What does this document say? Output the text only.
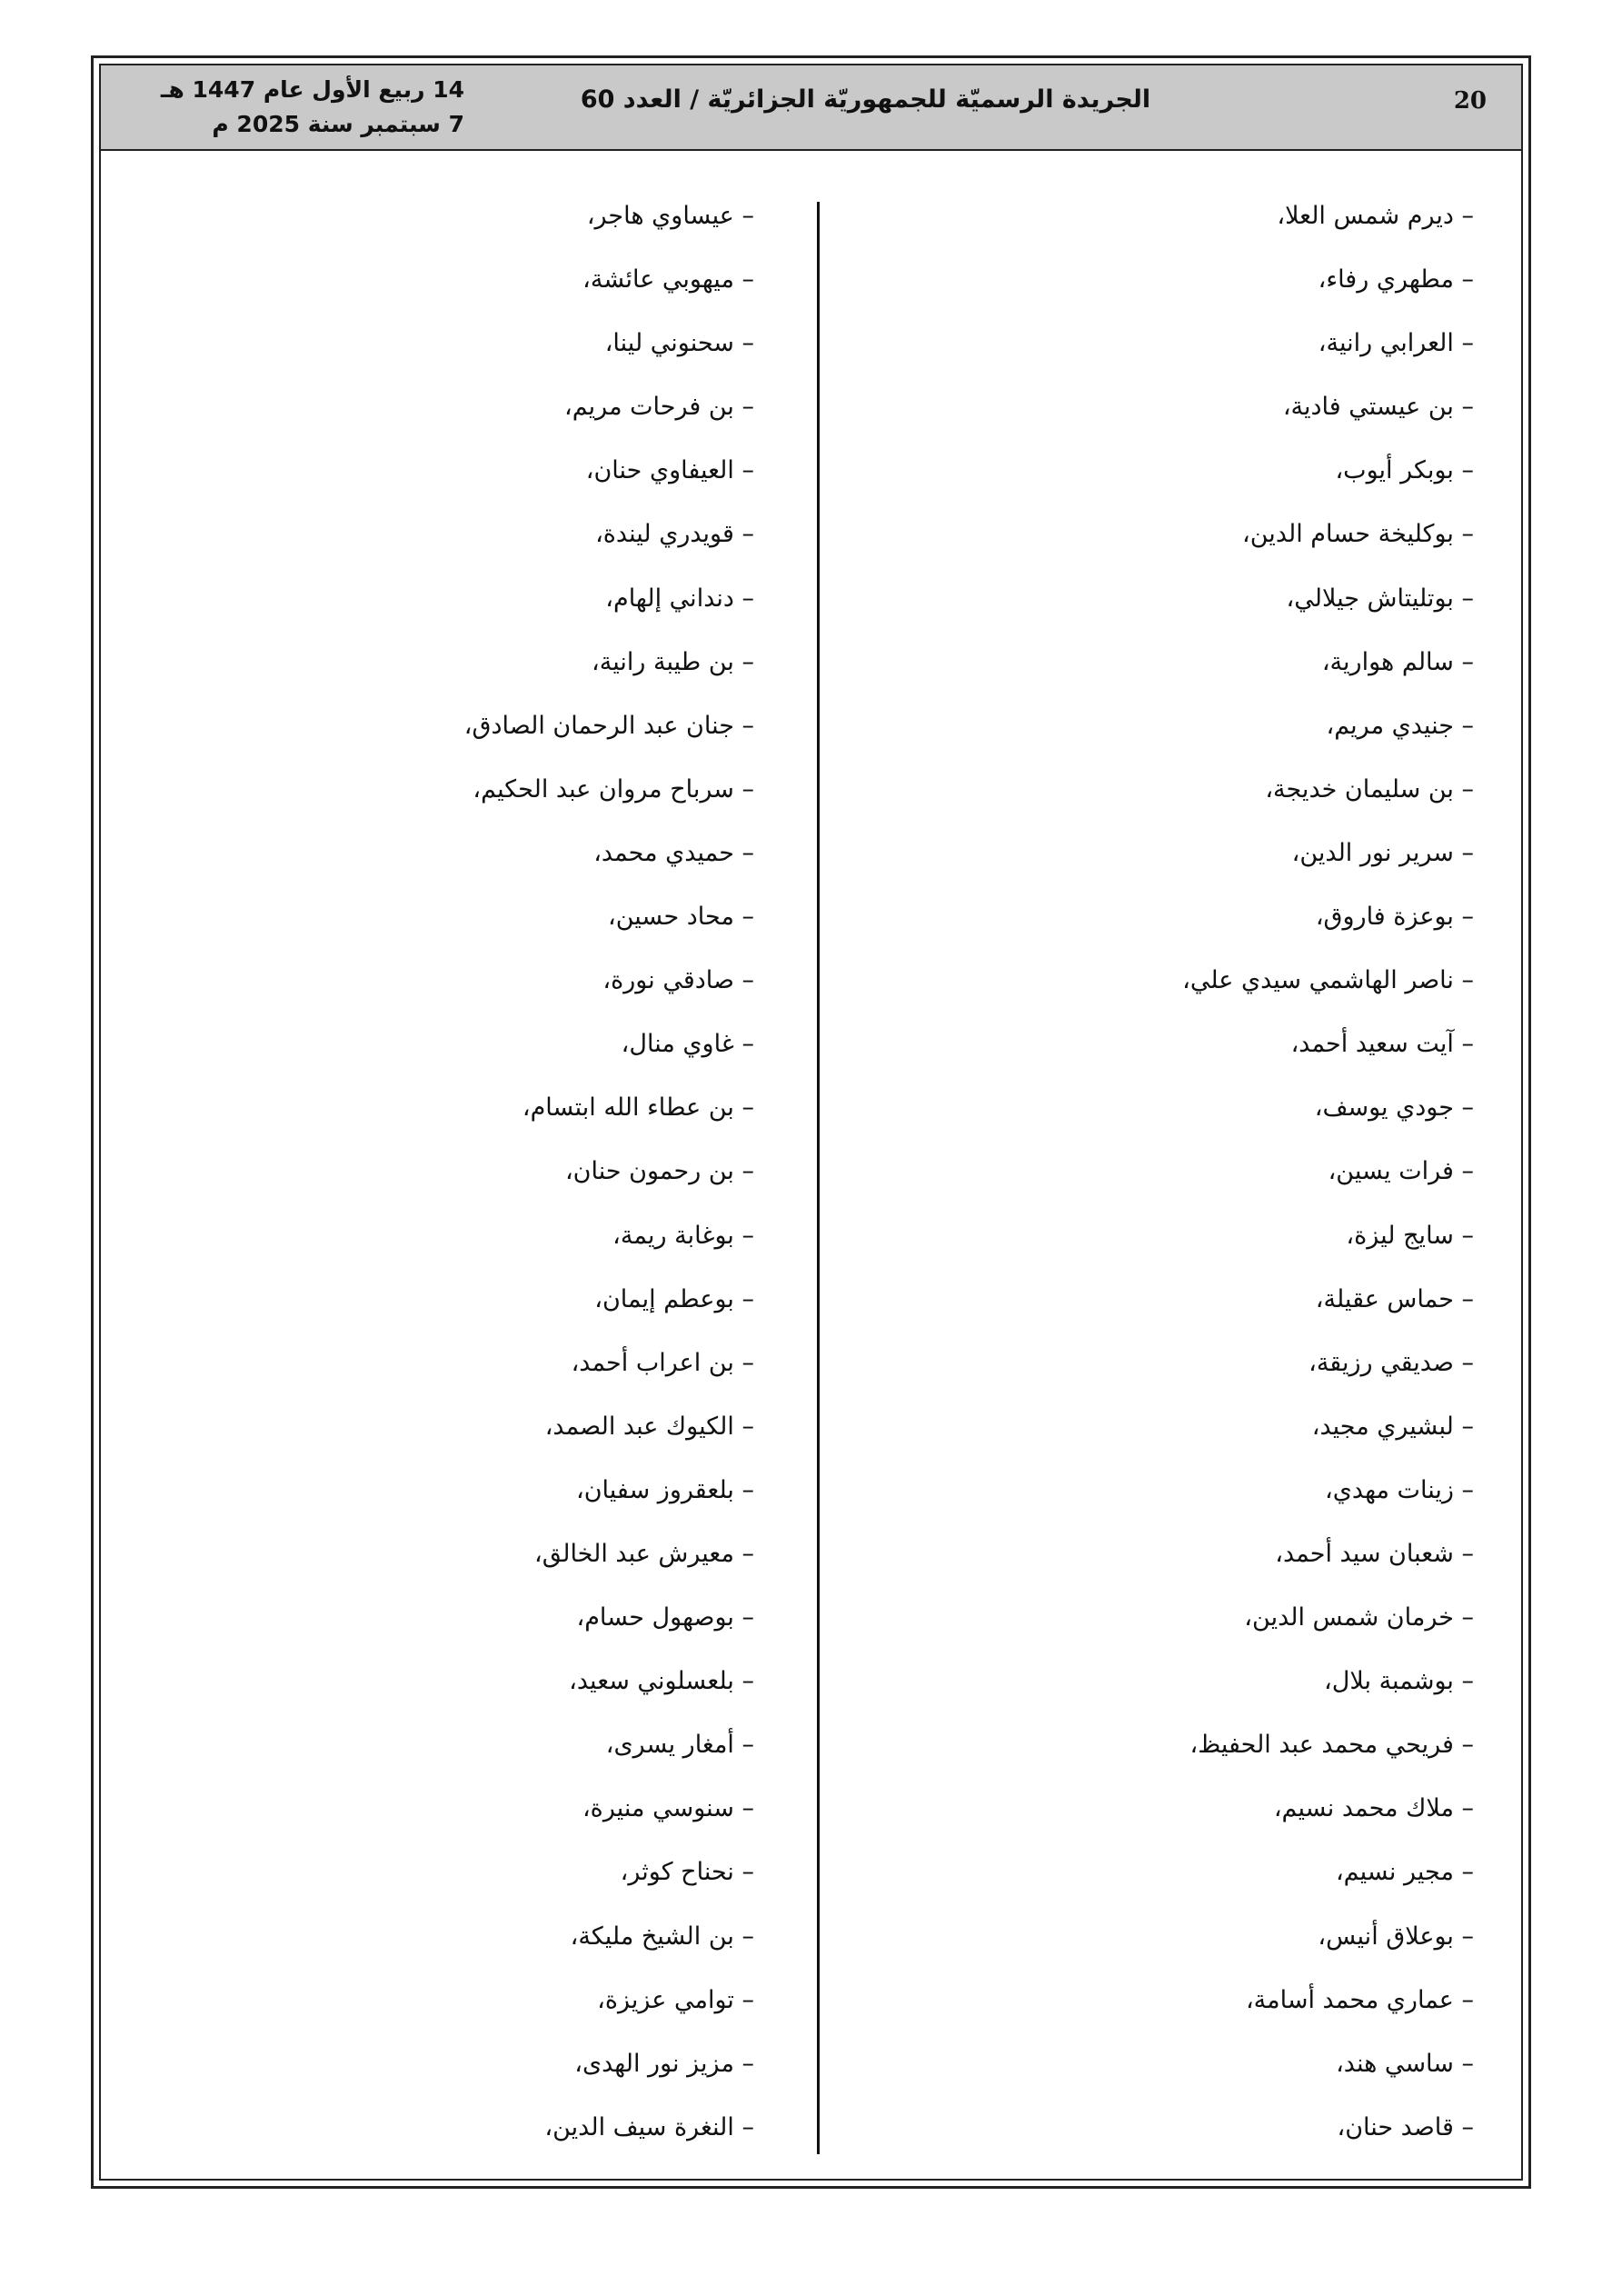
20
الجريدة الرسميّة للجمهوريّة الجزائريّة / العدد 60
14 ربيع الأول عام 1447 هـ
7 سبتمبر سنة 2025 م
– ديرم شمس العلا،
– مطهري رفاء،
– العرابي رانية،
– بن عيستي فادية،
– بوبكر أيوب،
– بوكليخة حسام الدين،
– بوتليتاش جيلالي،
– سالم هوارية،
– جنيدي مريم،
– بن سليمان خديجة،
– سرير نور الدين،
– بوعزة فاروق،
– ناصر الهاشمي سيدي علي،
– آيت سعيد أحمد،
– جودي يوسف،
– فرات يسين،
– سايج ليزة،
– حماس عقيلة،
– صديقي رزيقة،
– لبشيري مجيد،
– زينات مهدي،
– شعبان سيد أحمد،
– خرمان شمس الدين،
– بوشمبة بلال،
– فريحي محمد عبد الحفيظ،
– ملاك محمد نسيم،
– مجير نسيم،
– بوعلاق أنيس،
– عماري محمد أسامة،
– ساسي هند،
– قاصد حنان،
– عيساوي هاجر،
– ميهوبي عائشة،
– سحنوني لينا،
– بن فرحات مريم،
– العيفاوي حنان،
– قويدري ليندة،
– دنداني إلهام،
– بن طيبة رانية،
– جنان عبد الرحمان الصادق،
– سرباح مروان عبد الحكيم،
– حميدي محمد،
– محاد حسين،
– صادقي نورة،
– غاوي منال،
– بن عطاء الله ابتسام،
– بن رحمون حنان،
– بوغابة ريمة،
– بوعطم إيمان،
– بن اعراب أحمد،
– الكيوك عبد الصمد،
– بلعقروز سفيان،
– معيرش عبد الخالق،
– بوصهول حسام،
– بلعسلوني سعيد،
– أمغار يسرى،
– سنوسي منيرة،
– نحناح كوثر،
– بن الشيخ مليكة،
– توامي عزيزة،
– مزيز نور الهدى،
– النغرة سيف الدين،
